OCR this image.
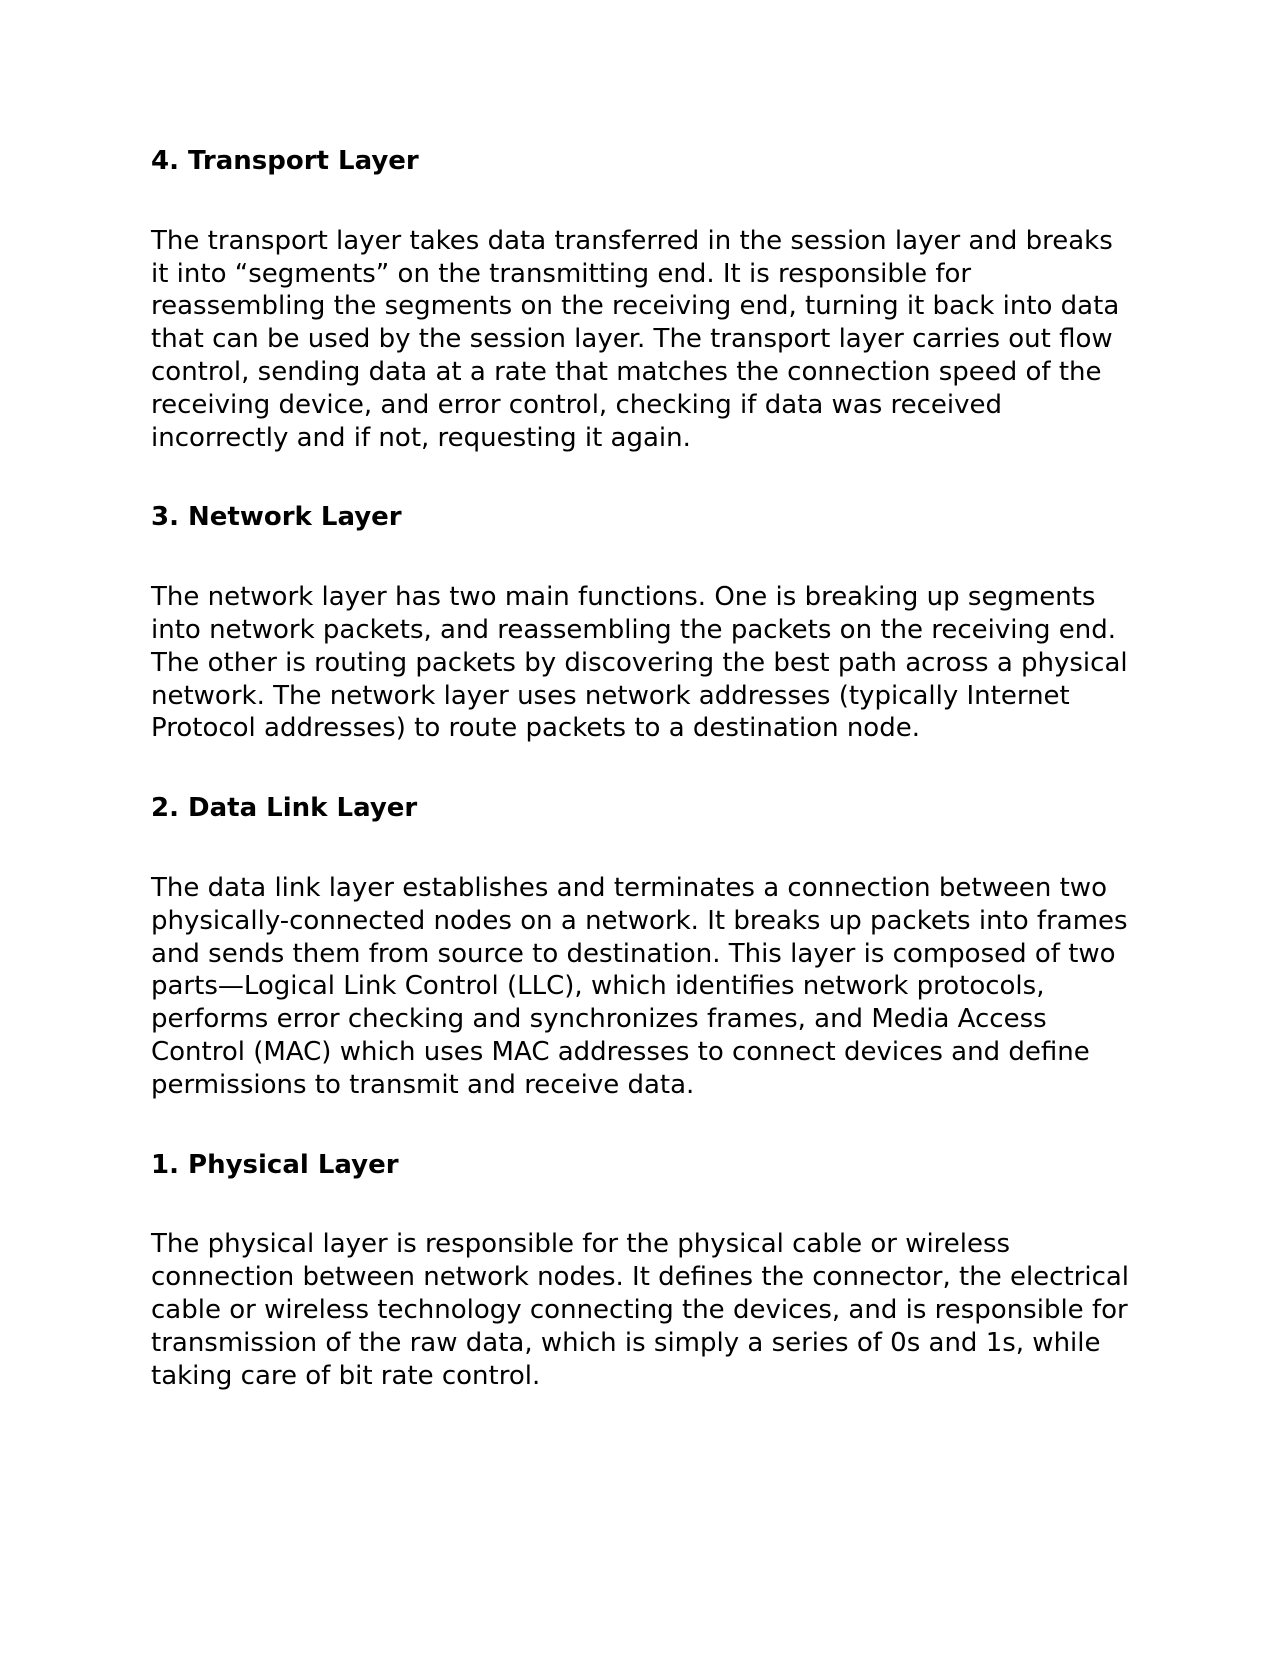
4. Transport Layer

The transport layer takes data transferred in the session layer and breaks it into “segments” on the transmitting end. It is responsible for reassembling the segments on the receiving end, turning it back into data that can be used by the session layer. The transport layer carries out flow control, sending data at a rate that matches the connection speed of the receiving device, and error control, checking if data was received incorrectly and if not, requesting it again.

3. Network Layer

The network layer has two main functions. One is breaking up segments into network packets, and reassembling the packets on the receiving end. The other is routing packets by discovering the best path across a physical network. The network layer uses network addresses (typically Internet Protocol addresses) to route packets to a destination node.

2. Data Link Layer

The data link layer establishes and terminates a connection between two physically-connected nodes on a network. It breaks up packets into frames and sends them from source to destination. This layer is composed of two parts—Logical Link Control (LLC), which identifies network protocols, performs error checking and synchronizes frames, and Media Access Control (MAC) which uses MAC addresses to connect devices and define permissions to transmit and receive data.

1. Physical Layer

The physical layer is responsible for the physical cable or wireless connection between network nodes. It defines the connector, the electrical cable or wireless technology connecting the devices, and is responsible for transmission of the raw data, which is simply a series of 0s and 1s, while taking care of bit rate control.
